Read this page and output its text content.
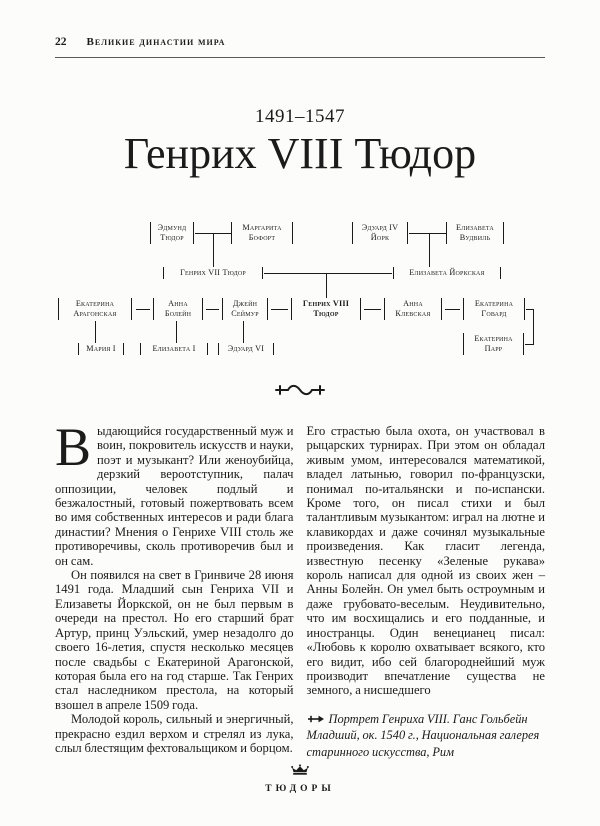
22 Великие династии мира
1491–1547
Генрих VIII Тюдор
Эдмунд
Тюдор
Маргарита
Бофорт
Эдуард IV
Йорк
Елизавета
Вудвиль
Генрих VII Тюдор	Елизавета Йоркская
Екатерина
Арагонская
Анна
Болейн
Джейн
Сеймур
Генрих VIII
Тюдор
Анна
Клевская
Екатерина
Говард
Екатерина
Парр
Мария I	Елизавета I	Эдуард VI

Выдающийся государственный муж и воин, покровитель искусств и науки, поэт и музыкант? Или женоубийца, дерзкий вероотступник, палач оппозиции, человек подлый и безжалостный, готовый пожертвовать всем во имя собственных интересов и ради блага династии? Мнения о Генрихе VIII столь же противоречивы, сколь противоречив был и он сам.

Он появился на свет в Гринвиче 28 июня 1491 года. Младший сын Генриха VII и Елизаветы Йоркской, он не был первым в очереди на престол. Но его старший брат Артур, принц Уэльский, умер незадолго до своего 16-летия, спустя несколько месяцев после свадьбы с Екатериной Арагонской, которая была его на год старше. Так Генрих стал наследником престола, на который взошел в апреле 1509 года.

Молодой король, сильный и энергичный, прекрасно ездил верхом и стрелял из лука, слыл блестящим фехтовальщиком и борцом.

Его страстью была охота, он участвовал в рыцарских турнирах. При этом он обладал живым умом, интересовался математикой, владел латынью, говорил по-французски, понимал по-итальянски и по-испански. Кроме того, он писал стихи и был талантливым музыкантом: играл на лютне и клавикордах и даже сочинял музыкальные произведения. Как гласит легенда, известную песенку «Зеленые рукава» король написал для одной из своих жен – Анны Болейн. Он умел быть остроумным и даже грубовато-веселым. Неудивительно, что им восхищались и его подданные, и иностранцы. Один венецианец писал: «Любовь к королю охватывает всякого, кто его видит, ибо сей благороднейший муж производит впечатление существа не земного, а нисшедшего

Портрет Генриха VIII. Ганс Гольбейн Младший, ок. 1540 г., Национальная галерея старинного искусства, Рим

ТЮДОРЫ
